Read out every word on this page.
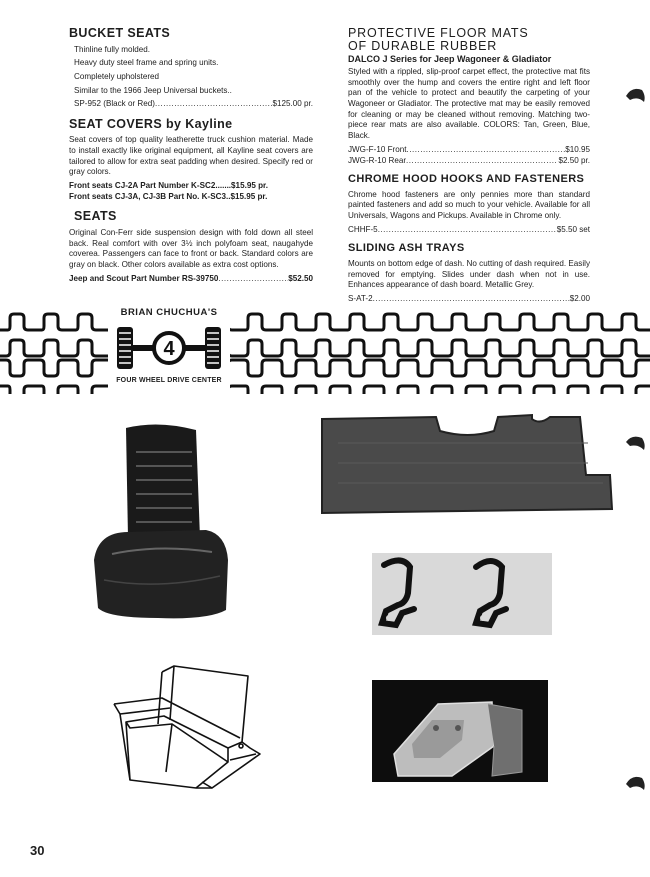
BUCKET SEATS
Thinline fully molded.
Heavy duty steel frame and spring units.
Completely upholstered
Similar to the 1966 Jeep Universal buckets..
SP-952 (Black or Red) .....	$125.00 pr.
SEAT COVERS by Kayline

Seat covers of top quality leatherette truck cushion material. Made to install exactly like original equipment, all Kayline seat covers are tailored to allow for extra seat padding when desired. Specify red or gray colors.

Front seats CJ-2A Part Number K-SC2.......$15.95 pr.
Front seats CJ-3A, CJ-3B Part No. K-SC3..$15.95 pr.
SEATS

Original Con-Ferr side suspension design with fold down all steel back. Real comfort with over 3½ inch polyfoam seat, naugahyde coverea. Passengers can face to front or back. Standard colors are gray on black. Other colors available as extra cost options.

Jeep and Scout Part Number RS-39750 .....	$52.50
PROTECTIVE FLOOR MATS
OF DURABLE RUBBER
DALCO J Series for Jeep Wagoneer & Gladiator

Styled with a rippled, slip-proof carpet effect, the protective mat fits smoothly over the hump and covers the entire right and left floor pan of the vehicle to protect and beautify the carpeting of your Wagoneer or Gladiator. The protective mat may be easily removed for cleaning or may be cleaned without removing. Matching two-piece rear mats are also available. COLORS: Tan, Green, Blue, Black.

JWG-F-10 Front .....	$10.95
JWG-R-10 Rear .....	$2.50 pr.
CHROME HOOD HOOKS AND FASTENERS

Chrome hood fasteners are only pennies more than standard painted fasteners and add so much to your vehicle. Available for all Universals, Wagons and Pickups. Available in Chrome only.

CHHF-5 .....	$5.50 set
SLIDING ASH TRAYS

Mounts on bottom edge of dash. No cutting of dash required. Easily removed for emptying. Slides under dash when not in use. Enhances appearance of dash board. Metallic Grey.

S-AT-2 .....	$2.00
BRIAN CHUCHUA'S
4
FOUR WHEEL DRIVE CENTER
30
